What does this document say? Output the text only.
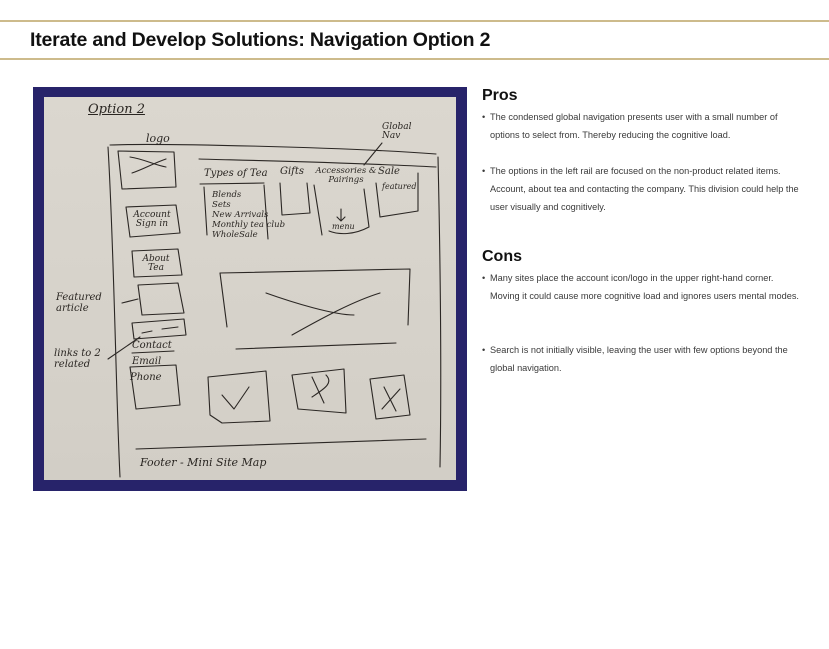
Iterate and Develop Solutions: Navigation Option 2
Option 2
logo
Global Nav
Types of Tea Gifts Accessories & Pairings
Sale
featured
menu
Blends
Sets
New Arrivals
Monthly tea club
WholeSale
Account Sign in
About Tea
Featured article
links to 2 related
Contact
Email
Phone
Footer - Mini Site Map
Pros
• The condensed global navigation presents user with a small number of options to select from. Thereby reducing the cognitive load.
• The options in the left rail are focused on the non-product related items. Account, about tea and contacting the company. This division could help the user visually and cognitively.
Cons
• Many sites place the account icon/logo in the upper right-hand corner. Moving it could cause more cognitive load and ignores users mental modes.
• Search is not initially visible, leaving the user with few options beyond the global navigation.
